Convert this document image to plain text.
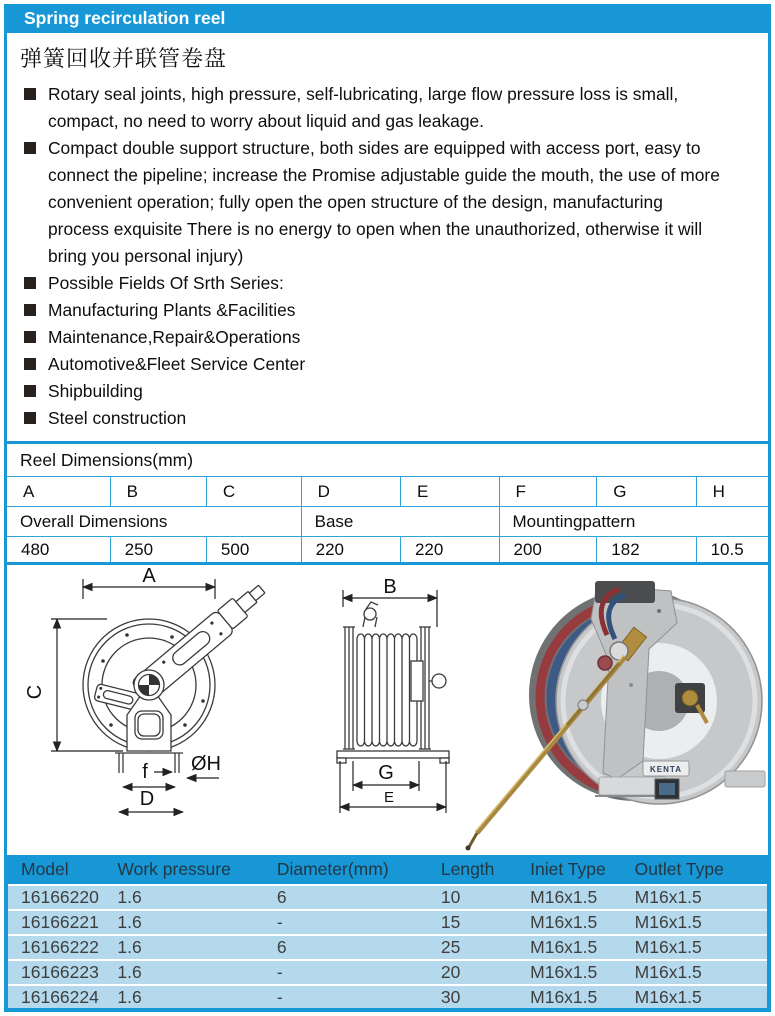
Spring recirculation reel
弹簧回收并联管卷盘
Rotary seal joints, high pressure, self-lubricating, large flow pressure loss is small, compact, no need to worry about liquid and gas leakage.
Compact double support structure, both sides are equipped with access port, easy to connect the pipeline; increase the Promise adjustable guide the mouth, the use of more convenient operation; fully open the open structure of the design, manufacturing process exquisite There is no energy to open when the unauthorized, otherwise it will bring you personal injury)
Possible Fields Of Srth Series:
Manufacturing Plants &Facilities
Maintenance,Repair&Operations
Automotive&Fleet Service Center
Shipbuilding
Steel construction
Reel Dimensions(mm)							
A	B	C	D	E	F	G	H
Overall Dimensions			Base		Mountingpattern		
480	250	500	220	220	200	182	10.5
A
C
f
D
ØH
B
G
E
KENTA
Model	Work pressure	Diameter(mm)	Length	Iniet Type	Outlet Type
16166220	1.6	6	10	M16x1.5	M16x1.5
16166221	1.6	-	15	M16x1.5	M16x1.5
16166222	1.6	6	25	M16x1.5	M16x1.5
16166223	1.6	-	20	M16x1.5	M16x1.5
16166224	1.6	-	30	M16x1.5	M16x1.5
